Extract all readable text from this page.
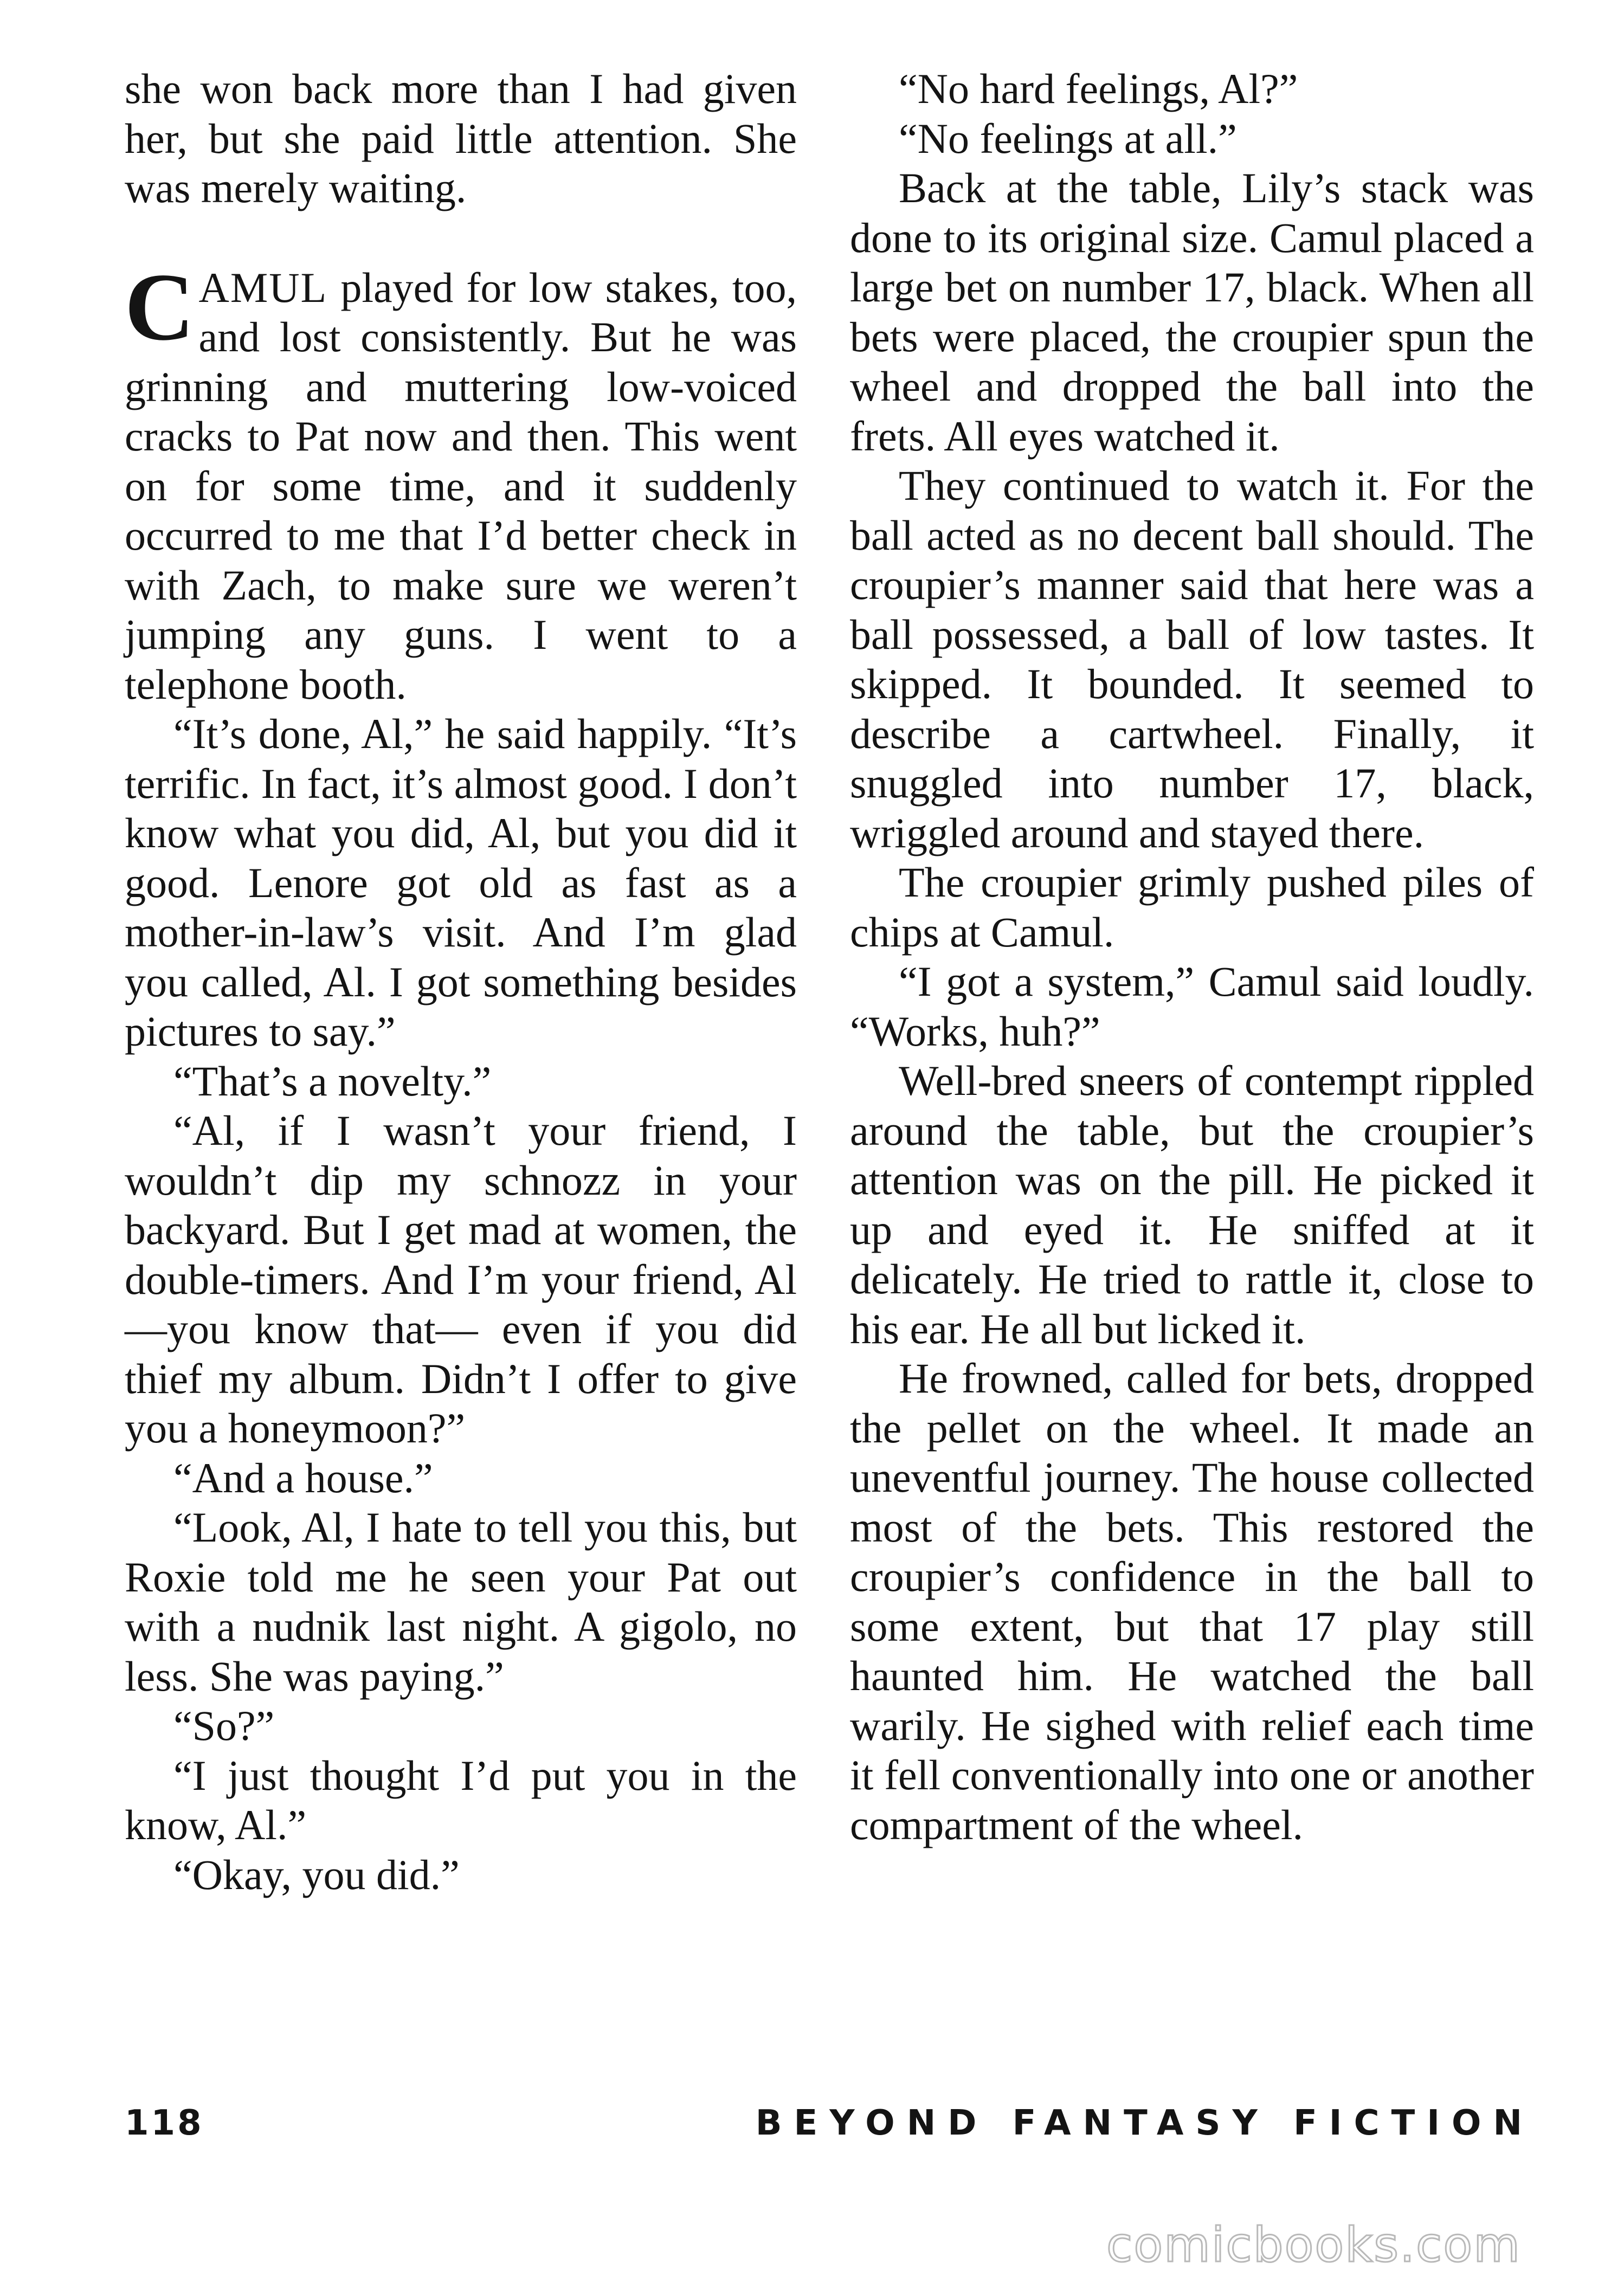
she won back more than I had given her, but she paid little attention. She was merely waiting.

CAMUL played for low stakes, too, and lost consistently. But he was grinning and muttering low-voiced cracks to Pat now and then. This went on for some time, and it suddenly occurred to me that I’d better check in with Zach, to make sure we weren’t jumping any guns. I went to a telephone booth.

“It’s done, Al,” he said happily. “It’s terrific. In fact, it’s almost good. I don’t know what you did, Al, but you did it good. Lenore got old as fast as a mother-in-law’s visit. And I’m glad you called, Al. I got something besides pictures to say.”

“That’s a novelty.”

“Al, if I wasn’t your friend, I wouldn’t dip my schnozz in your backyard. But I get mad at women, the double-timers. And I’m your friend, Al—you know that— even if you did thief my album. Didn’t I offer to give you a honeymoon?”

“And a house.”

“Look, Al, I hate to tell you this, but Roxie told me he seen your Pat out with a nudnik last night. A gigolo, no less. She was paying.”

“So?”

“I just thought I’d put you in the know, Al.”

“Okay, you did.”

“No hard feelings, Al?”

“No feelings at all.”

Back at the table, Lily’s stack was done to its original size. Camul placed a large bet on number 17, black. When all bets were placed, the croupier spun the wheel and dropped the ball into the frets. All eyes watched it.

They continued to watch it. For the ball acted as no decent ball should. The croupier’s manner said that here was a ball possessed, a ball of low tastes. It skipped. It bounded. It seemed to describe a cartwheel. Finally, it snuggled into number 17, black, wriggled around and stayed there.

The croupier grimly pushed piles of chips at Camul.

“I got a system,” Camul said loudly. “Works, huh?”

Well-bred sneers of contempt rippled around the table, but the croupier’s attention was on the pill. He picked it up and eyed it. He sniffed at it delicately. He tried to rattle it, close to his ear. He all but licked it.

He frowned, called for bets, dropped the pellet on the wheel. It made an uneventful journey. The house collected most of the bets. This restored the croupier’s confidence in the ball to some extent, but that 17 play still haunted him. He watched the ball warily. He sighed with relief each time it fell conventionally into one or another compartment of the wheel.

118	BEYOND FANTASY FICTION
comicbooks.com
